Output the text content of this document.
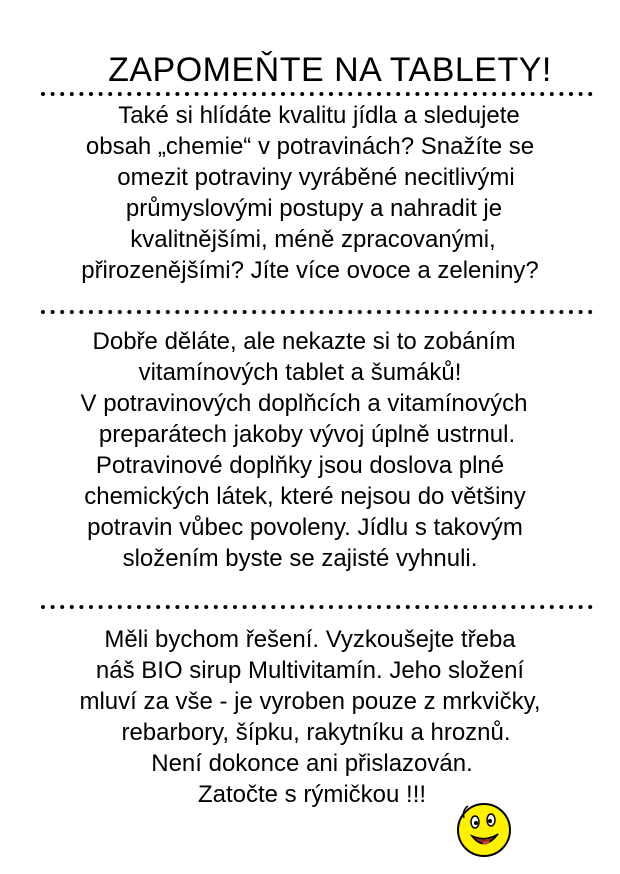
ZAPOMEŇTE NA TABLETY!
Také si hlídáte kvalitu jídla a sledujete
obsah „chemie“ v potravinách? Snažíte se
omezit potraviny vyráběné necitlivými
průmyslovými postupy a nahradit je
kvalitnějšími, méně zpracovanými,
přirozenějšími? Jíte více ovoce a zeleniny?
Dobře děláte, ale nekazte si to zobáním
vitamínových tablet a šumáků!
V potravinových doplňcích a vitamínových
preparátech jakoby vývoj úplně ustrnul.
Potravinové doplňky jsou doslova plné
chemických látek, které nejsou do většiny
potravin vůbec povoleny. Jídlu s takovým
složením byste se zajisté vyhnuli.
Měli bychom řešení. Vyzkoušejte třeba
náš BIO sirup Multivitamín. Jeho složení
mluví za vše - je vyroben pouze z mrkvičky,
rebarbory, šípku, rakytníku a hroznů.
Není dokonce ani přislazován.
Zatočte s rýmičkou !!!
